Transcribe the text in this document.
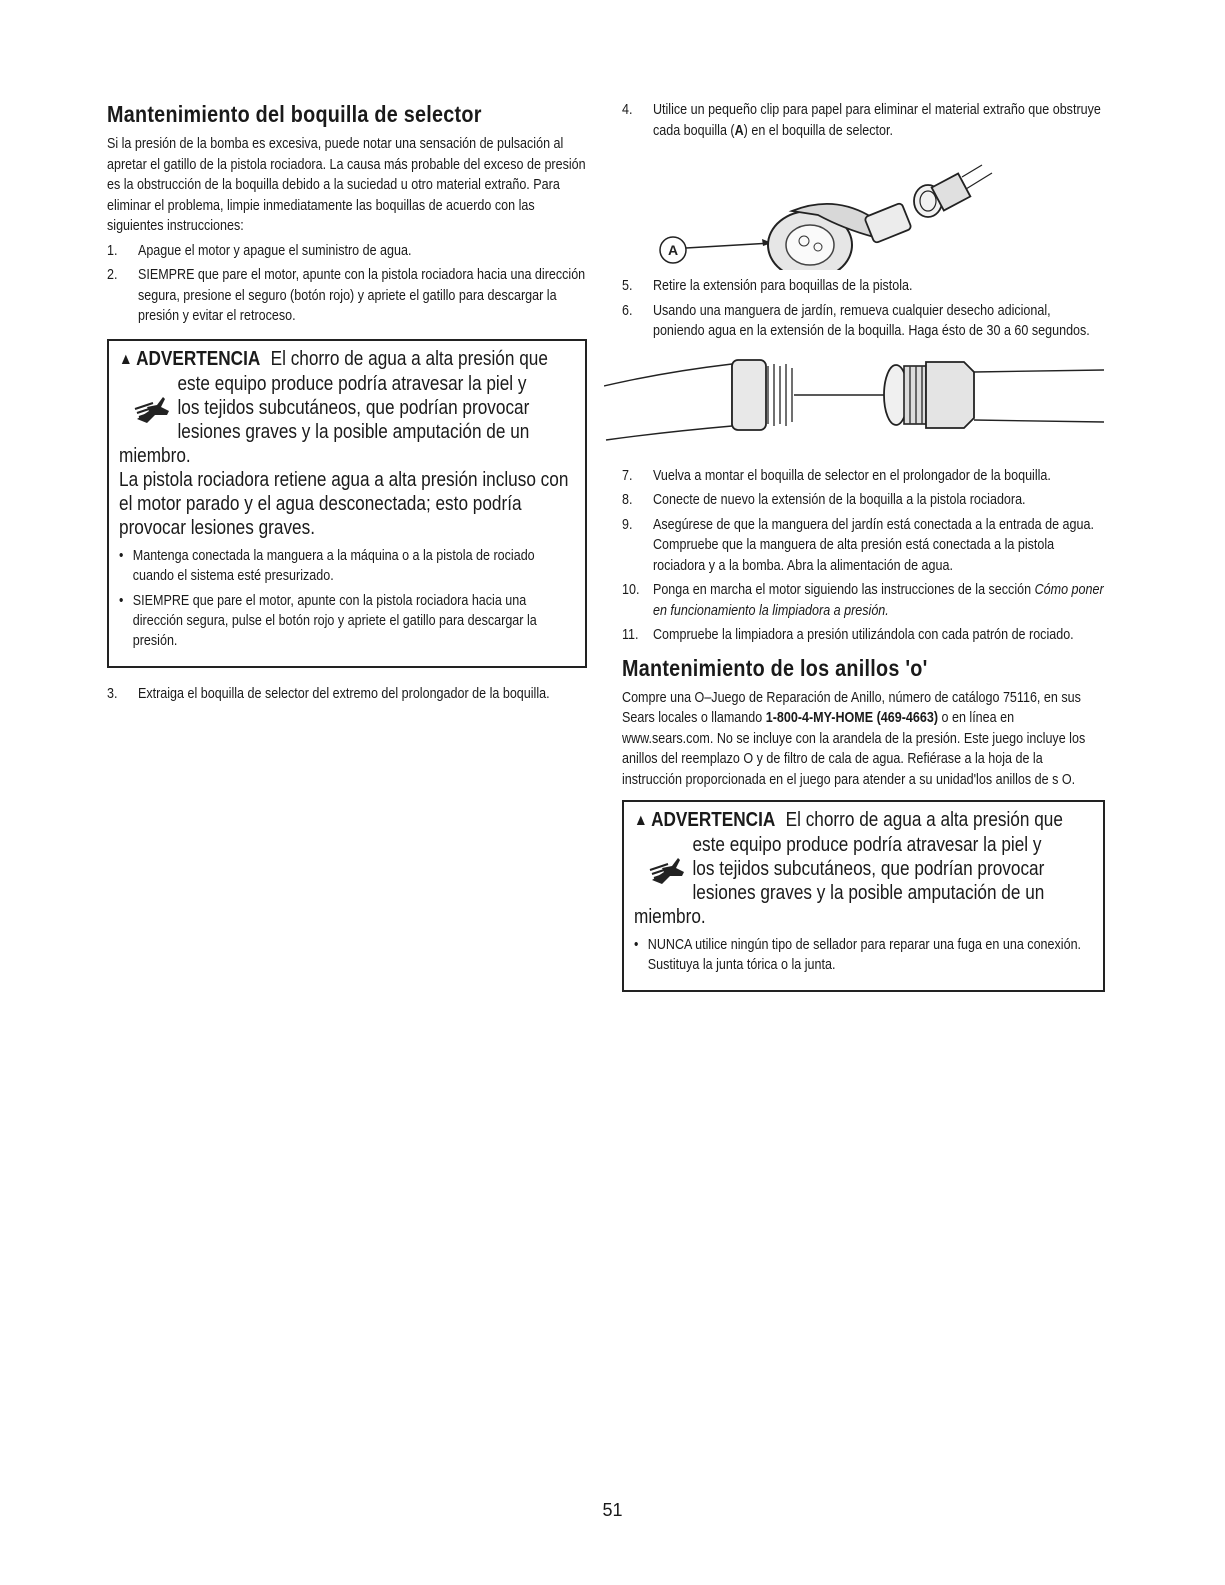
Mantenimiento del boquilla de selector

Si la presión de la bomba es excesiva, puede notar una sensación de pulsación al apretar el gatillo de la pistola rociadora. La causa más probable del exceso de presión es la obstrucción de la boquilla debido a la suciedad u otro material extraño. Para eliminar el problema, limpie inmediatamente las boquillas de acuerdo con las siguientes instrucciones:

1.	Apague el motor y apague el suministro de agua.
2.	SIEMPRE que pare el motor, apunte con la pistola rociadora hacia una dirección segura, presione el seguro (botón rojo) y apriete el gatillo para descargar la presión y evitar el retroceso.
▲ ADVERTENCIA El chorro de agua a alta presión que
este equipo produce podría atravesar la piel y
los tejidos subcutáneos, que podrían provocar
lesiones graves y la posible amputación de un
miembro.
La pistola rociadora retiene agua a alta presión incluso con el motor parado y el agua desconectada; esto podría provocar lesiones graves.
• Mantenga conectada la manguera a la máquina o a la pistola de rociado cuando el sistema esté presurizado.
• SIEMPRE que pare el motor, apunte con la pistola rociadora hacia una dirección segura, pulse el botón rojo y apriete el gatillo para descargar la presión.
3.	Extraiga el boquilla de selector del extremo del prolongador de la boquilla.
4.	Utilice un pequeño clip para papel para eliminar el material extraño que obstruye cada boquilla (A) en el boquilla de selector.
A
5.	Retire la extensión para boquillas de la pistola.
6.	Usando una manguera de jardín, remueva cualquier desecho adicional, poniendo agua en la extensión de la boquilla. Haga ésto de 30 a 60 segundos.
7.	Vuelva a montar el boquilla de selector en el prolongador de la boquilla.
8.	Conecte de nuevo la extensión de la boquilla a la pistola rociadora.
9.	Asegúrese de que la manguera del jardín está conectada a la entrada de agua. Compruebe que la manguera de alta presión está conectada a la pistola rociadora y a la bomba. Abra la alimentación de agua.
10. Ponga en marcha el motor siguiendo las instrucciones de la sección Cómo poner en funcionamiento la limpiadora a presión.
11. Compruebe la limpiadora a presión utilizándola con cada patrón de rociado.
Mantenimiento de los anillos 'o'

Compre una O–Juego de Reparación de Anillo, número de catálogo 75116, en sus Sears locales o llamando 1-800-4-MY-HOME (469-4663) o en línea en www.sears.com. No se incluye con la arandela de la presión. Este juego incluye los anillos del reemplazo O y de filtro de cala de agua. Refiérase a la hoja de la instrucción proporcionada en el juego para atender a su unidad'los anillos de s O.

▲ ADVERTENCIA El chorro de agua a alta presión que
este equipo produce podría atravesar la piel y
los tejidos subcutáneos, que podrían provocar
lesiones graves y la posible amputación de un
miembro.
• NUNCA utilice ningún tipo de sellador para reparar una fuga en una conexión. Sustituya la junta tórica o la junta.
51
